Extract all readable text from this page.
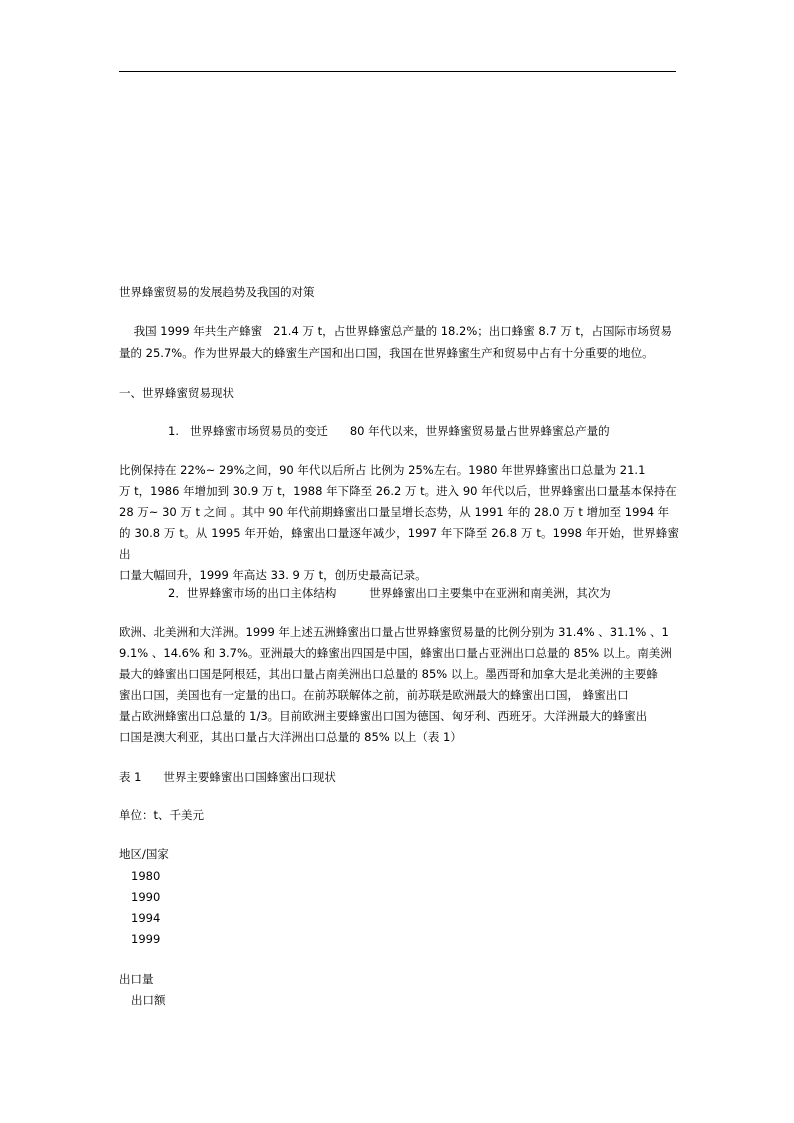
世界蜂蜜贸易的发展趋势及我国的对策
我国 1999 年共生产蜂蜜   21.4 万 t，占世界蜂蜜总产量的 18.2%；出口蜂蜜 8.7 万 t，占国际市场贸易
量的 25.7%。作为世界最大的蜂蜜生产国和出口国，我国在世界蜂蜜生产和贸易中占有十分重要的地位。
一、世界蜂蜜贸易现状
1.   世界蜂蜜市场贸易员的变迁      80 年代以来，世界蜂蜜贸易量占世界蜂蜜总产量的
比例保持在 22%~ 29%之间，90 年代以后所占 比例为 25%左右。1980 年世界蜂蜜出口总量为 21.1
万 t，1986 年增加到 30.9 万 t，1988 年下降至 26.2 万 t。进入 90 年代以后，世界蜂蜜出口量基本保持在
28 万~ 30 万 t 之间 。其中 90 年代前期蜂蜜出口量呈增长态势，从 1991 年的 28.0 万 t 增加至 1994 年
的 30.8 万 t。从 1995 年开始，蜂蜜出口量逐年减少，1997 年下降至 26.8 万 t。1998 年开始，世界蜂蜜出
口量大幅回升，1999 年高达 33. 9 万 t，创历史最高记录。
2．世界蜂蜜市场的出口主体结构         世界蜂蜜出口主要集中在亚洲和南美洲，其次为
欧洲、北美洲和大洋洲。1999 年上述五洲蜂蜜出口量占世界蜂蜜贸易量的比例分别为 31.4% 、31.1% 、1
9.1% 、14.6% 和 3.7%。亚洲最大的蜂蜜出四国是中国，蜂蜜出口量占亚洲出口总量的 85% 以上。南美洲
最大的蜂蜜出口国是阿根廷，其出口量占南美洲出口总量的 85% 以上。墨西哥和加拿大是北美洲的主要蜂
蜜出口国，美国也有一定量的出口。在前苏联解体之前，前苏联是欧洲最大的蜂蜜出口国， 蜂蜜出口
量占欧洲蜂蜜出口总量的 1/3。目前欧洲主要蜂蜜出口国为德国、匈牙利、西班牙。大洋洲最大的蜂蜜出
口国是澳大利亚，其出口量占大洋洲出口总量的 85% 以上（表 1）
表 1      世界主要蜂蜜出口国蜂蜜出口现状
单位：t、千美元
地区/国家
1980
1990
1994
1999
出口量
出口额
